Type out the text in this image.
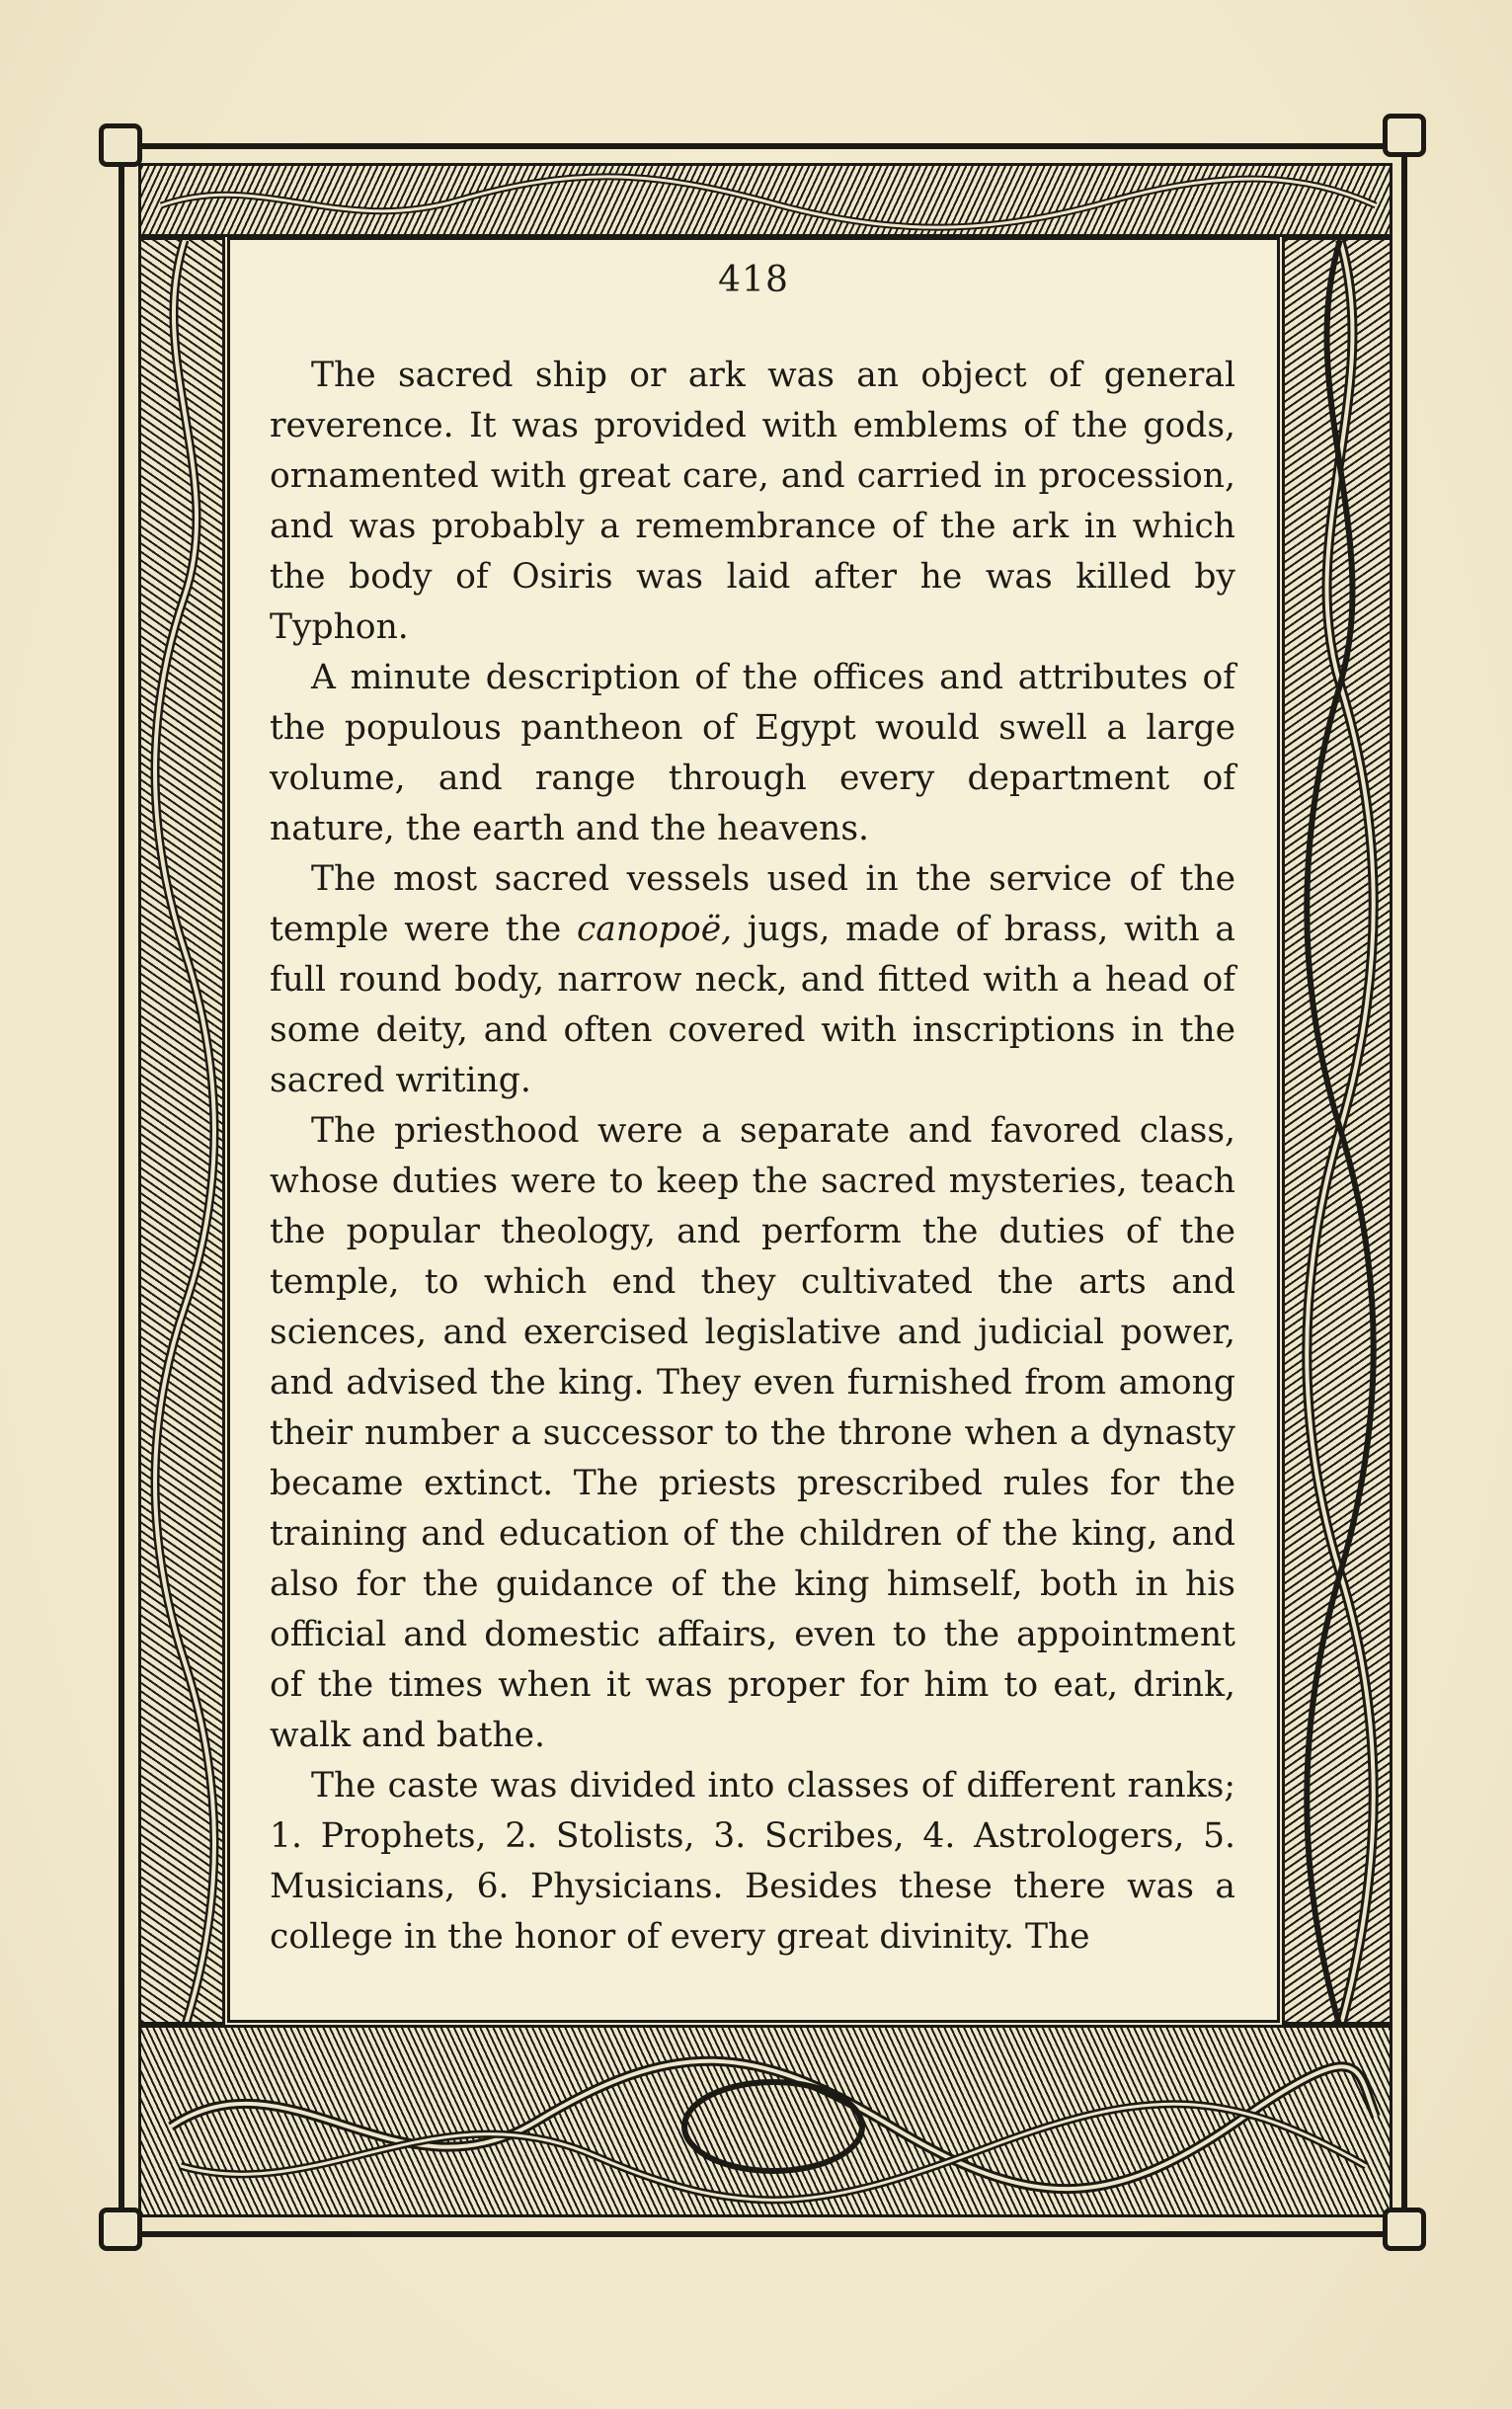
418

The sacred ship or ark was an object of general reverence. It was provided with emblems of the gods, ornamented with great care, and carried in procession, and was probably a remembrance of the ark in which the body of Osiris was laid after he was killed by Typhon.

A minute description of the offices and attributes of the populous pantheon of Egypt would swell a large volume, and range through every department of nature, the earth and the heavens.

The most sacred vessels used in the service of the temple were the canopoë, jugs, made of brass, with a full round body, narrow neck, and fitted with a head of some deity, and often covered with inscriptions in the sacred writing.

The priesthood were a separate and favored class, whose duties were to keep the sacred mysteries, teach the popular theology, and perform the duties of the temple, to which end they cultivated the arts and sciences, and exercised legislative and judicial power, and advised the king. They even furnished from among their number a successor to the throne when a dynasty became extinct. The priests prescribed rules for the training and education of the children of the king, and also for the guidance of the king himself, both in his official and domestic affairs, even to the appointment of the times when it was proper for him to eat, drink, walk and bathe.

The caste was divided into classes of different ranks; 1. Prophets, 2. Stolists, 3. Scribes, 4. Astrologers, 5. Musicians, 6. Physicians. Besides these there was a college in the honor of every great divinity. The
